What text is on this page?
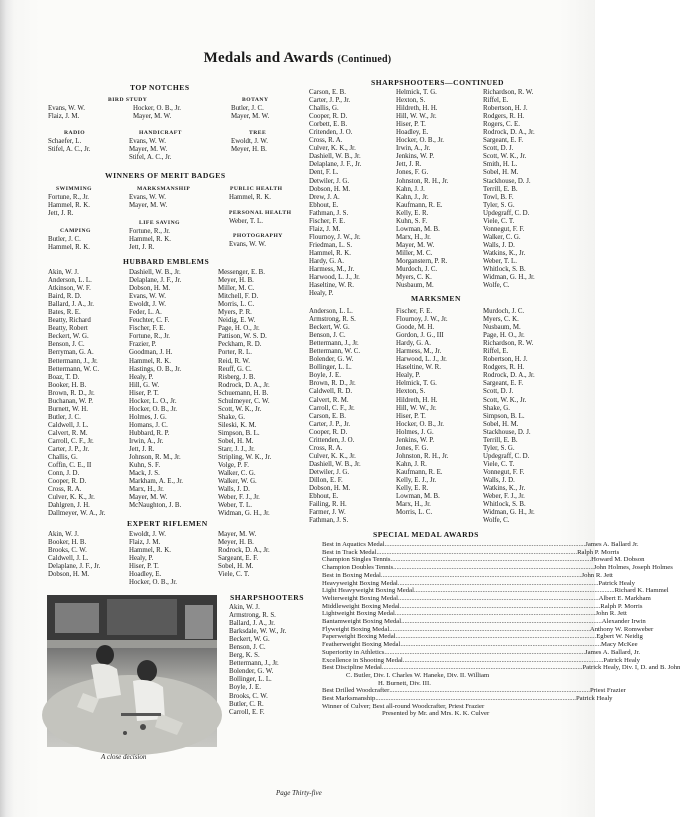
Medals and Awards (Continued)
TOP NOTCHES
BIRD STUDY
Evans, W. W.
Flaiz, J. M.
Hocker, O. B., Jr.
Mayer, M. W.
BOTANY
Butler, J. C.
Mayer, M. W.
RADIO
Schaefer, L.
Stifel, A. C., Jr.
HANDICRAFT
Evans, W. W.
Mayer, M. W.
Stifel, A. C., Jr.
TREE
Ewoldt, J. W.
Meyer, H. B.
WINNERS OF MERIT BADGES
SWIMMING
Fortune, R., Jr.
Hammel, R. K.
Jett, J. R.
MARKSMANSHIP
Evans, W. W.
Mayer, M. W.
PUBLIC HEALTH
Hammel, R. K.
PERSONAL HEALTH
Weber, T. L.
CAMPING
Butler, J. C.
Hammel, R. K.
LIFE SAVING
Fortune, R., Jr.
Hammel, R. K.
Jett, J. R.
PHOTOGRAPHY
Evans, W. W.
HUBBARD EMBLEMS
Akin, W. J.
Anderson, L. L.
Atkinson, W. F.
Baird, R. D.
Ballard, J. A., Jr.
Bates, R. E.
Beatty, Richard
Beatty, Robert
Beckert, W. G.
Benson, J. C.
Berryman, G. A.
Bettermann, J., Jr.
Bettermann, W. C.
Boaz, T. D.
Booker, H. B.
Brown, R. D., Jr.
Buchanan, W. P.
Burnett, W. H.
Butler, J. C.
Caldwell, J. L.
Calvert, R. M.
Carroll, C. F., Jr.
Carter, J. P., Jr.
Challis, G.
Coffin, C. E., II
Conn, J. D.
Cooper, R. D.
Cross, R. A.
Culver, K. K., Jr.
Dahlgren, J. H.
Dallmeyer, W. A., Jr.
Dashiell, W. B., Jr.
Delaplane, J. F., Jr.
Dobson, H. M.
Evans, W. W.
Ewoldt, J. W.
Feder, L. A.
Feuchter, C. F.
Fischer, F. E.
Fortune, R., Jr.
Frazier, P.
Goodman, J. H.
Hammel, R. K.
Hastings, O. B., Jr.
Healy, P.
Hill, G. W.
Hiser, P. T.
Hocker, L. O., Jr.
Hocker, O. B., Jr.
Holmes, J. G.
Homans, J. C.
Hubbard, R. P.
Irwin, A., Jr.
Jett, J. R.
Johnson, R. M., Jr.
Kuhn, S. F.
Mack, J. S.
Markham, A. E., Jr.
Marx, H., Jr.
Mayer, M. W.
McNaughton, J. B.
Messenger, E. B.
Meyer, H. B.
Miller, M. C.
Mitchell, F. D.
Morris, L. C.
Myers, P. R.
Neidig, E. W.
Page, H. O., Jr.
Pattison, W. S. D.
Peckham, R. D.
Porter, R. L.
Reid, R. W.
Reuff, G. C.
Risberg, J. B.
Rodrock, D. A., Jr.
Schuemann, H. B.
Schulmeyer, C. W.
Scott, W. K., Jr.
Shake, G.
Sileski, K. M.
Simpson, B. L.
Sobel, H. M.
Starr, J. J., Jr.
Stripling, W. K., Jr.
Volge, P. F.
Walker, C. G.
Walker, W. G.
Walls, J. D.
Weber, F. J., Jr.
Weber, T. L.
Widman, G. H., Jr.
EXPERT RIFLEMEN
Akin, W. J.
Booker, H. B.
Brooks, C. W.
Caldwell, J. L.
Delaplane, J. F., Jr.
Dobson, H. M.
Ewoldt, J. W.
Flaiz, J. M.
Hammel, R. K.
Healy, P.
Hiser, P. T.
Hoadley, E.
Hocker, O. B., Jr.
Mayer, M. W.
Meyer, H. B.
Rodrock, D. A., Jr.
Sargeant, E. F.
Sobel, H. M.
Viele, C. T.
A close decision
SHARPSHOOTERS
Akin, W. J.
Armstrong, R. S.
Ballard, J. A., Jr.
Barksdale, W. W., Jr.
Beckert, W. G.
Benson, J. C.
Berg, K. S.
Bettermann, J., Jr.
Bolender, G. W.
Bollinger, L. L.
Boyle, J. E.
Brooks, C. W.
Butler, C. R.
Carroll, E. F.
SHARPSHOOTERS—CONTINUED
Carson, E. B.
Carter, J. P., Jr.
Challis, G.
Cooper, R. D.
Corbett, E. B.
Critenden, J. O.
Cross, R. A.
Culver, K. K., Jr.
Dashiell, W. B., Jr.
Delaplane, J. F., Jr.
Dent, F. L.
Detwiler, J. G.
Dobson, H. M.
Drew, J. A.
Ebhout, E.
Fathman, J. S.
Fischer, F. E.
Flaiz, J. M.
Flournoy, J. W., Jr.
Friedman, L. S.
Hammel, R. K.
Hardy, G. A.
Harmess, M., Jr.
Harwood, L. J., Jr.
Haseltine, W. R.
Healy, P.
Helmick, T. G.
Hexton, S.
Hildreth, H. H.
Hill, W. W., Jr.
Hiser, P. T.
Hoadley, E.
Hocker, O. B., Jr.
Irwin, A., Jr.
Jenkins, W. P.
Jett, J. R.
Jones, F. G.
Johnston, R. H., Jr.
Kahn, J. J.
Kahn, J., Jr.
Kaufmann, R. E.
Kelly, E. R.
Kuhn, S. F.
Lowman, M. B.
Marx, H., Jr.
Mayer, M. W.
Miller, M. C.
Morganstern, P. R.
Murdoch, J. C.
Myers, C. K.
Nusbaum, M.
Richardson, R. W.
Riffel, E.
Robertson, H. J.
Rodgers, R. H.
Rogers, C. E.
Rodrock, D. A., Jr.
Sargeant, E. F.
Scott, D. J.
Scott, W. K., Jr.
Smith, H. L.
Sobel, H. M.
Stackhouse, D. J.
Terrill, E. B.
Towl, B. F.
Tyler, S. G.
Updegraff, C. D.
Viele, C. T.
Vonnegut, F. F.
Walker, C. G.
Walls, J. D.
Watkins, K., Jr.
Weber, T. L.
Whitlock, S. B.
Widman, G. H., Jr.
Wolfe, C.
MARKSMEN
Anderson, L. L.
Armstrong, R. S.
Beckert, W. G.
Benson, J. C.
Bettermann, J., Jr.
Bettermann, W. C.
Bolender, G. W.
Bollinger, L. L.
Boyle, J. E.
Brown, R. D., Jr.
Caldwell, R. D.
Calvert, R. M.
Carroll, C. F., Jr.
Carson, E. B.
Carter, J. P., Jr.
Cooper, R. D.
Crittenden, J. O.
Cross, R. A.
Culver, K. K., Jr.
Dashiell, W. B., Jr.
Detwiler, J. G.
Dillon, E. F.
Dobson, H. M.
Ebhout, E.
Failing, R. H.
Farmer, J. W.
Fathman, J. S.
Fischer, F. E.
Flournoy, J. W., Jr.
Goode, M. H.
Gordon, J. G., III
Hardy, G. A.
Harmess, M., Jr.
Harwood, L. J., Jr.
Haseltine, W. R.
Healy, P.
Helmick, T. G.
Hexton, S.
Hildreth, H. H.
Hill, W. W., Jr.
Hiser, P. T.
Hocker, O. B., Jr.
Holmes, J. G.
Jenkins, W. P.
Jones, F. G.
Johnston, R. H., Jr.
Kahn, J. R.
Kaufmann, R. E.
Kelly, E. J., Jr.
Kelly, E. R.
Lowman, M. B.
Marx, H., Jr.
Morris, L. C.
Murdoch, J. C.
Myers, C. K.
Nusbaum, M.
Page, H. O., Jr.
Richardson, R. W.
Riffel, E.
Robertson, H. J.
Rodgers, R. H.
Rodrock, D. A., Jr.
Sargeant, E. F.
Scott, D. J.
Scott, W. K., Jr.
Shake, G.
Simpson, B. L.
Sobel, H. M.
Stackhouse, D. J.
Terrill, E. B.
Tyler, S. G.
Updegraff, C. D.
Viele, C. T.
Vonnegut, F. F.
Walls, J. D.
Watkins, K., Jr.
Weber, F. J., Jr.
Whitlock, S. B.
Widman, G. H., Jr.
Wolfe, C.
SPECIAL MEDAL AWARDS
Best in Aquatics Medal ........................................................................................................................ James A. Ballard Jr.
Best in Track Medal ........................................................................................................................ Ralph P. Morris
Champion Singles Tennis ........................................................................................................................ Howard M. Dobson
Champion Doubles Tennis ........................................................................................................................ John Holmes, Joseph Holmes
Best in Boxing Medal ........................................................................................................................ John R. Jett
Heavyweight Boxing Medal ........................................................................................................................ Patrick Healy
Light Heavyweight Boxing Medal ........................................................................................................................ Richard K. Hammel
Welterweight Boxing Medal ........................................................................................................................ Albert E. Markham
Middleweight Boxing Medal ........................................................................................................................ Ralph P. Morris
Lightweight Boxing Medal ........................................................................................................................ John R. Jett
Bantamweight Boxing Medal ........................................................................................................................ Alexander Irwin
Flyweight Boxing Medal ........................................................................................................................ Anthony W. Romweber
Paperweight Boxing Medal ........................................................................................................................ Egbert W. Neidig
Featherweight Boxing Medal ........................................................................................................................ Macy McKee
Superiority in Athletics ........................................................................................................................ James A. Ballard, Jr.
Excellence in Shooting Medal ........................................................................................................................ Patrick Healy
Best Discipline Medal ........................................................................................................................ Patrick Healy, Div. I, D. and B. John
C. Butler, Div. I. Charles W. Haneke, Div. II. William
H. Burnett, Div. III.
Best Drilled Woodcrafter ........................................................................................................................ Priest Frazier
Best Marksmanship ........................................................................................................................ Patrick Healy
Winner of Culver; Best all-round Woodcrafter, Priest Frazier
Presented by Mr. and Mrs. K. K. Culver
Page Thirty-five
